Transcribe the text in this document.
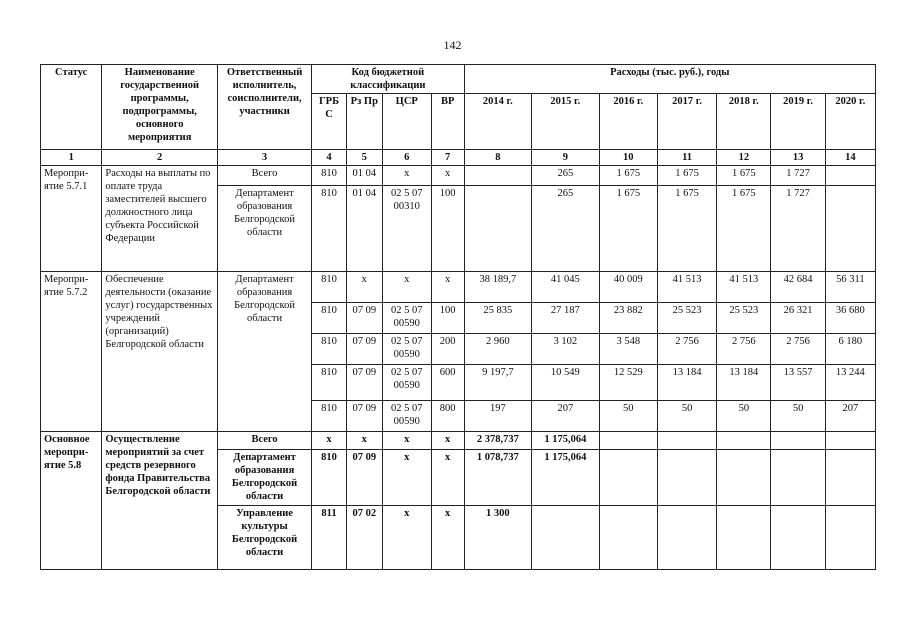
142
Статус	Наименование государственной программы, подпрограммы, основного мероприятия	Ответственный исполнитель, соисполнители, участники	Код бюджетной классификации				Расходы (тыс. руб.), годы						
			ГРБ С	Рз Пр	ЦСР	ВР	2014 г.	2015 г.	2016 г.	2017 г.	2018 г.	2019 г.	2020 г.
1	2	3	4	5	6	7	8	9	10	11	12	13	14
Меропри-ятие 5.7.1	Расходы на выплаты по оплате труда заместителей высшего должностного лица субъекта Российской Федерации	Всего	810	01 04	х	х		265	1 675	1 675	1 675	1 727	
		Департамент образования Белгородской области	810	01 04	02 5 07 00310	100		265	1 675	1 675	1 675	1 727	
Меропри-ятие 5.7.2	Обеспечение деятельности (оказание услуг) государственных учреждений (организаций) Белгородской области	Департамент образования Белгородской области	810	х	х	х	38 189,7	41 045	40 009	41 513	41 513	42 684	56 311
			810	07 09	02 5 07 00590	100	25 835	27 187	23 882	25 523	25 523	26 321	36 680
			810	07 09	02 5 07 00590	200	2 960	3 102	3 548	2 756	2 756	2 756	6 180
			810	07 09	02 5 07 00590	600	9 197,7	10 549	12 529	13 184	13 184	13 557	13 244
			810	07 09	02 5 07 00590	800	197	207	50	50	50	50	207
Основное меропри-ятие 5.8	Осуществление мероприятий за счет средств резервного фонда Правительства Белгородской области	Всего	х	х	х	х	2 378,737	1 175,064					
		Департамент образования Белгородской области	810	07 09	х	х	1 078,737	1 175,064					
		Управление культуры Белгородской области	811	07 02	х	х	1 300						
